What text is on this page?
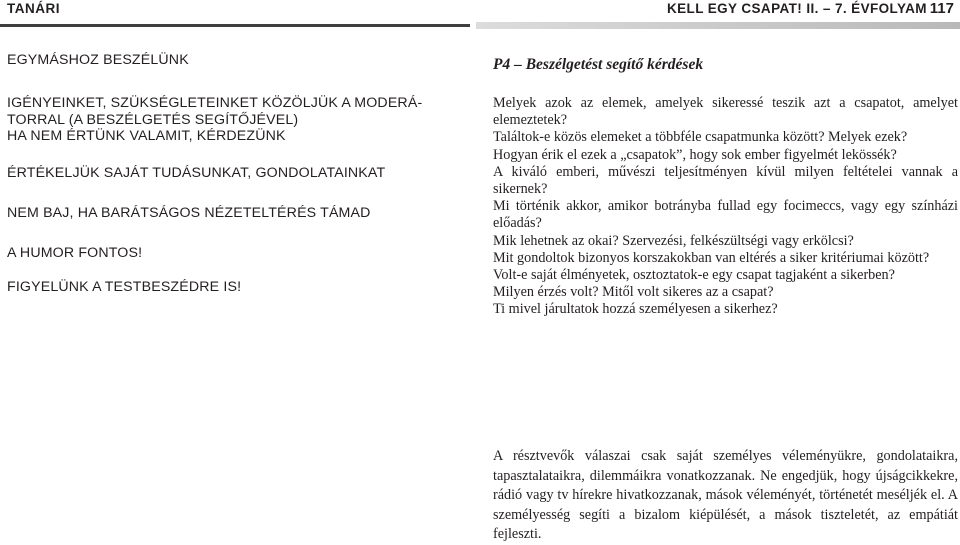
TANÁRI	KELL EGY CSAPAT! II. – 7. ÉVFOLYAM 117
EGYMÁSHOZ BESZÉLÜNK
IGÉNYEINKET, SZÜKSÉGLETEINKET KÖZÖLJÜK A MODERÁ-
TORRAL (A BESZÉLGETÉS SEGÍTŐJÉVEL)
HA NEM ÉRTÜNK VALAMIT, KÉRDEZÜNK
ÉRTÉKELJÜK SAJÁT TUDÁSUNKAT, GONDOLATAINKAT
NEM BAJ, HA BARÁTSÁGOS NÉZETELTÉRÉS TÁMAD
A HUMOR FONTOS!
FIGYELÜNK A TESTBESZÉDRE IS!
P4 – Beszélgetést segítő kérdések

Melyek azok az elemek, amelyek sikeressé teszik azt a csapatot, amelyet elemeztetek?

Találtok-e közös elemeket a többféle csapatmunka között? Melyek ezek?

Hogyan érik el ezek a „csapatok”, hogy sok ember figyelmét lekössék?

A kiváló emberi, művészi teljesítményen kívül milyen feltételei vannak a sikernek?

Mi történik akkor, amikor botrányba fullad egy focimeccs, vagy egy színházi előadás?

Mik lehetnek az okai? Szervezési, felkészültségi vagy erkölcsi?

Mit gondoltok bizonyos korszakokban van eltérés a siker kritériumai között?

Volt-e saját élményetek, osztoztatok-e egy csapat tagjaként a sikerben?

Milyen érzés volt? Mitől volt sikeres az a csapat?

Ti mivel járultatok hozzá személyesen a sikerhez?

A résztvevők válaszai csak saját személyes véleményükre, gondolataikra, tapasztalataikra, dilemmáikra vonatkozzanak. Ne engedjük, hogy újságcikkekre, rádió vagy tv hírekre hivatkozzanak, mások véleményét, történetét meséljék el. A személyesség segíti a bizalom kiépülését, a mások tiszteletét, az empátiát fejleszti.
